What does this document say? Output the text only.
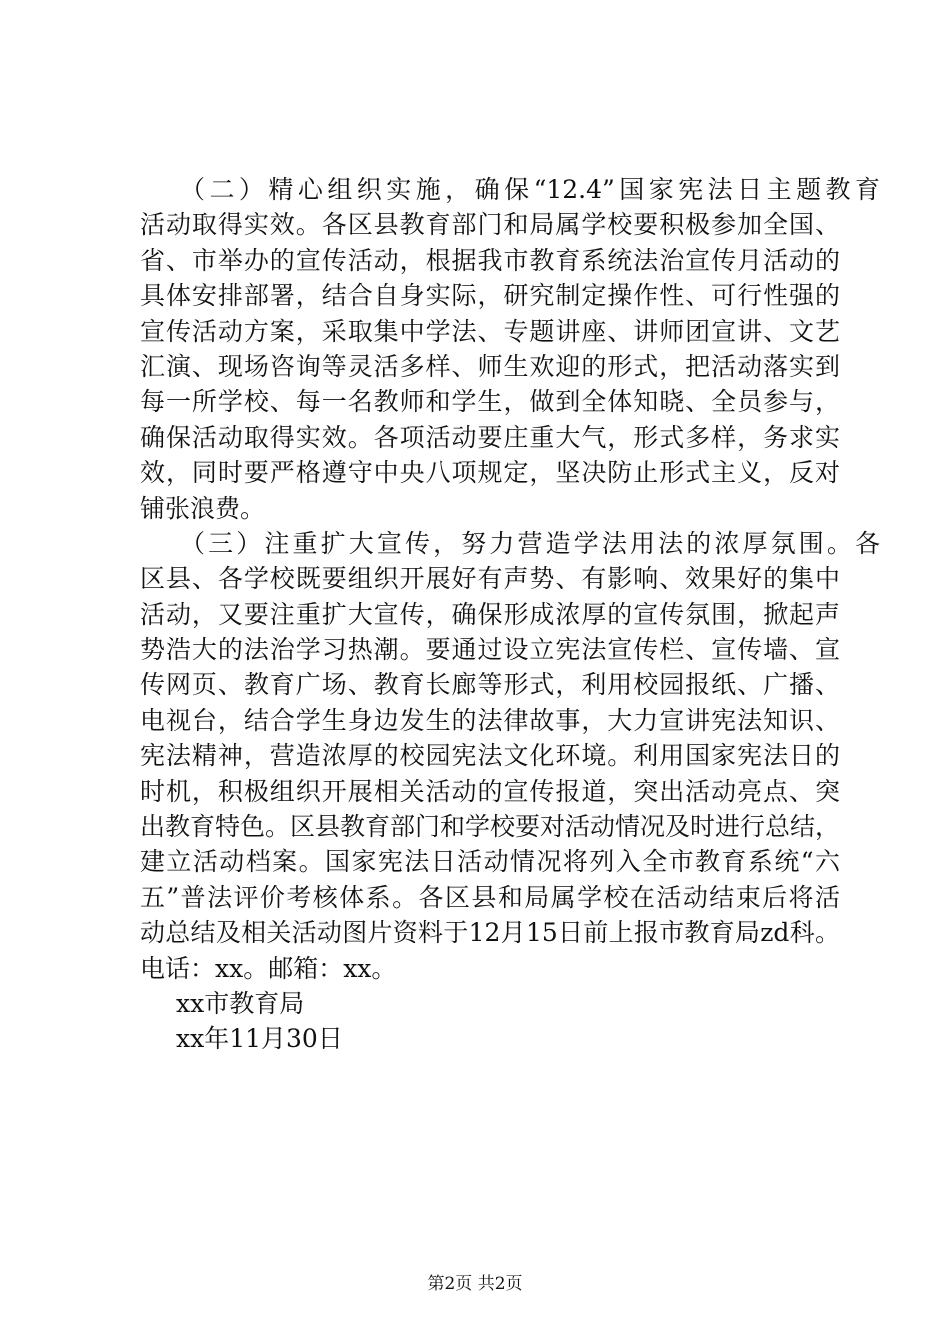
（二）精心组织实施，确保“12.4”国家宪法日主题教育
活动取得实效。各区县教育部门和局属学校要积极参加全国、
省、市举办的宣传活动，根据我市教育系统法治宣传月活动的
具体安排部署，结合自身实际，研究制定操作性、可行性强的
宣传活动方案，采取集中学法、专题讲座、讲师团宣讲、文艺
汇演、现场咨询等灵活多样、师生欢迎的形式，把活动落实到
每一所学校、每一名教师和学生，做到全体知晓、全员参与，
确保活动取得实效。各项活动要庄重大气，形式多样，务求实
效，同时要严格遵守中央八项规定，坚决防止形式主义，反对
铺张浪费。
（三）注重扩大宣传，努力营造学法用法的浓厚氛围。各
区县、各学校既要组织开展好有声势、有影响、效果好的集中
活动，又要注重扩大宣传，确保形成浓厚的宣传氛围，掀起声
势浩大的法治学习热潮。要通过设立宪法宣传栏、宣传墙、宣
传网页、教育广场、教育长廊等形式，利用校园报纸、广播、
电视台，结合学生身边发生的法律故事，大力宣讲宪法知识、
宪法精神，营造浓厚的校园宪法文化环境。利用国家宪法日的
时机，积极组织开展相关活动的宣传报道，突出活动亮点、突
出教育特色。区县教育部门和学校要对活动情况及时进行总结，
建立活动档案。国家宪法日活动情况将列入全市教育系统“六
五”普法评价考核体系。各区县和局属学校在活动结束后将活
动总结及相关活动图片资料于12月15日前上报市教育局zd科。
电话：xx。邮箱：xx。
xx市教育局
xx年11月30日
第2页 共2页
